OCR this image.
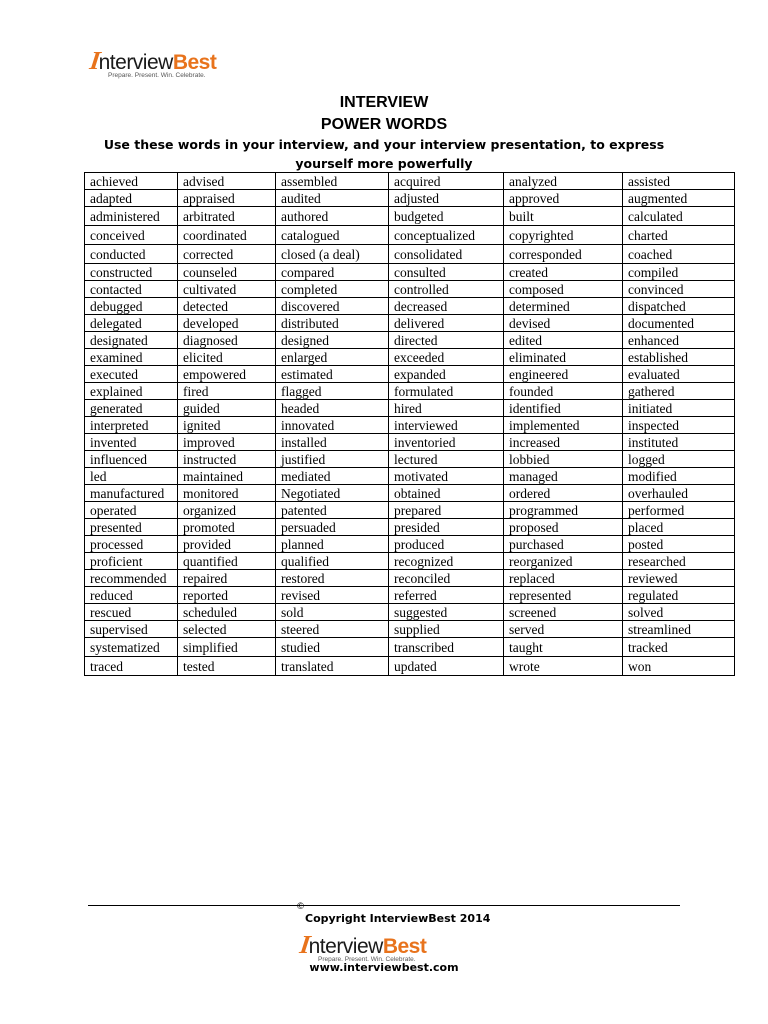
InterviewBest
Prepare. Present. Win. Celebrate.
INTERVIEW
POWER WORDS

Use these words in your interview, and your interview presentation, to express yourself more powerfully

achieved	advised	assembled	acquired	analyzed	assisted
adapted	appraised	audited	adjusted	approved	augmented
administered	arbitrated	authored	budgeted	built	calculated
conceived	coordinated	catalogued	conceptualized	copyrighted	charted
conducted	corrected	closed (a deal)	consolidated	corresponded	coached
constructed	counseled	compared	consulted	created	compiled
contacted	cultivated	completed	controlled	composed	convinced
debugged	detected	discovered	decreased	determined	dispatched
delegated	developed	distributed	delivered	devised	documented
designated	diagnosed	designed	directed	edited	enhanced
examined	elicited	enlarged	exceeded	eliminated	established
executed	empowered	estimated	expanded	engineered	evaluated
explained	fired	flagged	formulated	founded	gathered
generated	guided	headed	hired	identified	initiated
interpreted	ignited	innovated	interviewed	implemented	inspected
invented	improved	installed	inventoried	increased	instituted
influenced	instructed	justified	lectured	lobbied	logged
led	maintained	mediated	motivated	managed	modified
manufactured	monitored	Negotiated	obtained	ordered	overhauled
operated	organized	patented	prepared	programmed	performed
presented	promoted	persuaded	presided	proposed	placed
processed	provided	planned	produced	purchased	posted
proficient	quantified	qualified	recognized	reorganized	researched
recommended	repaired	restored	reconciled	replaced	reviewed
reduced	reported	revised	referred	represented	regulated
rescued	scheduled	sold	suggested	screened	solved
supervised	selected	steered	supplied	served	streamlined
systematized	simplified	studied	transcribed	taught	tracked
traced	tested	translated	updated	wrote	won
©
Copyright InterviewBest 2014
InterviewBest
Prepare. Present. Win. Celebrate.
www.interviewbest.com
